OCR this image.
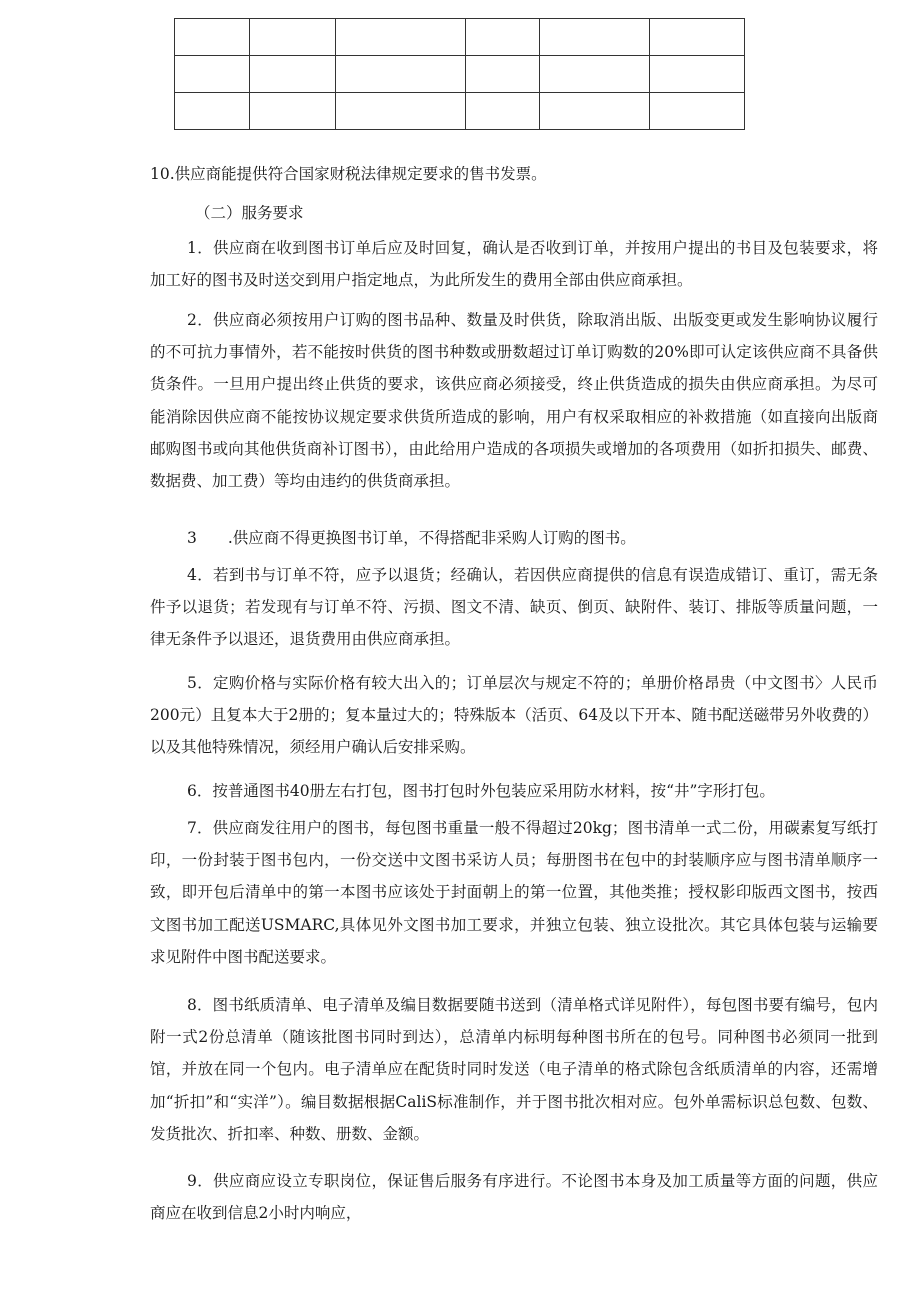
10.供应商能提供符合国家财税法律规定要求的售书发票。

（二）服务要求

1．供应商在收到图书订单后应及时回复，确认是否收到订单，并按用户提出的书目及包装要求，将加工好的图书及时送交到用户指定地点，为此所发生的费用全部由供应商承担。

2．供应商必须按用户订购的图书品种、数量及时供货，除取消出版、出版变更或发生影响协议履行的不可抗力事情外，若不能按时供货的图书种数或册数超过订单订购数的20%即可认定该供应商不具备供货条件。一旦用户提出终止供货的要求，该供应商必须接受，终止供货造成的损失由供应商承担。为尽可能消除因供应商不能按协议规定要求供货所造成的影响，用户有权采取相应的补救措施（如直接向出版商邮购图书或向其他供货商补订图书），由此给用户造成的各项损失或增加的各项费用（如折扣损失、邮费、数据费、加工费）等均由违约的供货商承担。

3　　.供应商不得更换图书订单，不得搭配非采购人订购的图书。

4．若到书与订单不符，应予以退货；经确认，若因供应商提供的信息有误造成错订、重订，需无条件予以退货；若发现有与订单不符、污损、图文不清、缺页、倒页、缺附件、装订、排版等质量问题，一律无条件予以退还，退货费用由供应商承担。

5．定购价格与实际价格有较大出入的；订单层次与规定不符的；单册价格昂贵（中文图书〉人民币200元）且复本大于2册的；复本量过大的；特殊版本（活页、64及以下开本、随书配送磁带另外收费的）以及其他特殊情况，须经用户确认后安排采购。

6．按普通图书40册左右打包，图书打包时外包装应采用防水材料，按“井”字形打包。

7．供应商发往用户的图书，每包图书重量一般不得超过20kg；图书清单一式二份，用碳素复写纸打印，一份封装于图书包内，一份交送中文图书采访人员；每册图书在包中的封装顺序应与图书清单顺序一致，即开包后清单中的第一本图书应该处于封面朝上的第一位置，其他类推；授权影印版西文图书，按西文图书加工配送USMARC,具体见外文图书加工要求，并独立包装、独立设批次。其它具体包装与运输要求见附件中图书配送要求。

8．图书纸质清单、电子清单及编目数据要随书送到（清单格式详见附件），每包图书要有编号，包内附一式2份总清单（随该批图书同时到达），总清单内标明每种图书所在的包号。同种图书必须同一批到馆，并放在同一个包内。电子清单应在配货时同时发送（电子清单的格式除包含纸质清单的内容，还需增加“折扣”和“实洋”）。编目数据根据CaliS标准制作，并于图书批次相对应。包外单需标识总包数、包数、发货批次、折扣率、种数、册数、金额。

9．供应商应设立专职岗位，保证售后服务有序进行。不论图书本身及加工质量等方面的问题，供应商应在收到信息2小时内响应，
